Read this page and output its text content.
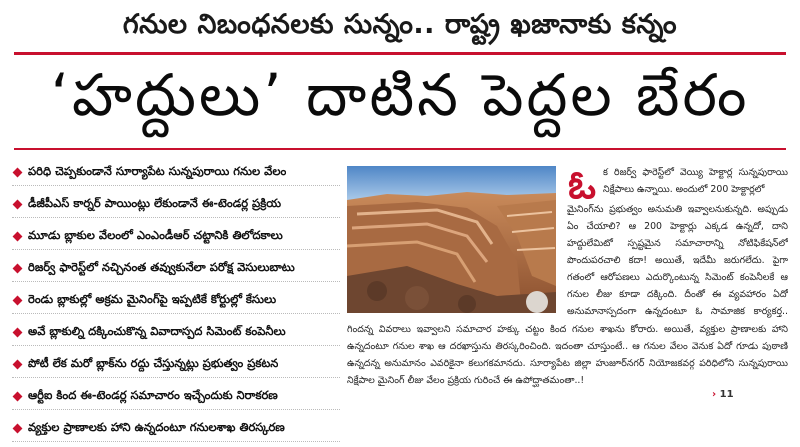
గనుల నిబంధనలకు సున్నం.. రాష్ట్ర ఖజానాకు కన్నం
‘హద్దులు’ దాటిన పెద్దల బేరం
పరిధి చెప్పకుండానే సూర్యాపేట సున్నపురాయి గనుల వేలం
డీజీపీఎస్ కార్నర్ పాయింట్లు లేకుండానే ఈ-టెండర్ల ప్రక్రియ
మూడు బ్లాకుల వేలంలో ఎంఎండీఆర్ చట్టానికి తిలోదకాలు
రిజర్వ్ ఫారెస్ట్‌లో నచ్చినంత తవ్వుకునేలా పరోక్ష వెసులుబాటు
రెండు బ్లాకుల్లో అక్రమ మైనింగ్‌పై ఇప్పటికే కోర్టుల్లో కేసులు
అవే బ్లాకుల్ని దక్కించుకొన్న వివాదాస్పద సిమెంట్ కంపెనీలు
పోటీ లేక మరో బ్లాక్‌ను రద్దు చేస్తున్నట్లు ప్రభుత్వం ప్రకటన
ఆర్టీఐ కింద ఈ-టెండర్ల సమాచారం ఇచ్చేందుకు నిరాకరణ
వ్యక్తుల ప్రాణాలకు హాని ఉన్నదంటూ గనులశాఖ తిరస్కరణ
ఓ క రిజర్వ్ ఫారెస్ట్‌లో వెయ్యి హెక్టార్ల సున్నపురాయి నిక్షేపాలు ఉన్నాయి. అందులో 200 హెక్టార్లలో
మైనింగ్‌ను ప్రభుత్వం అనుమతి ఇవ్వాలనుకున్నది. అప్పుడు ఏం చేయాలి? ఆ 200 హెక్టార్లు ఎక్కడ ఉన్నదో, దాని హద్దులేమిటో స్పష్టమైన సమాచారాన్ని నోటిఫికేషన్‌లో పొందుపరచాలి కదా! అయితే, ఇదేమీ జరుగలేదు. పైగా గతంలో ఆరోపణలు ఎదుర్కొంటున్న సిమెంట్ కంపెనీలకే ఆ గనుల లీజు కూడా దక్కింది. దీంతో ఈ వ్యవహారం ఏదో అనుమానాస్పదంగా ఉన్నదంటూ ఓ సామాజిక కార్యకర్త..
గిందన్న వివరాలు ఇవ్వాలని సమాచార హక్కు చట్టం కింద గనుల శాఖను కోరారు. అయితే, వ్యక్తుల ప్రాణాలకు హాని ఉన్నదంటూ గనుల శాఖ ఆ దరఖాస్తును తిరస్కరించింది. ఇదంతా చూస్తుంటే.. ఆ గనుల వేలం వెనుక ఏదో గూడు పుఠాణి ఉన్నదన్న అనుమానం ఎవరికైనా కలుగకమానదు. సూర్యాపేట జిల్లా హుజూర్‌నగర్ నియోజకవర్గ పరిధిలోని సున్నపురాయి నిక్షేపాల మైనింగ్ లీజు వేలం ప్రక్రియ గురించే ఈ ఉపోద్ఘాతమంతా..!
› 11
